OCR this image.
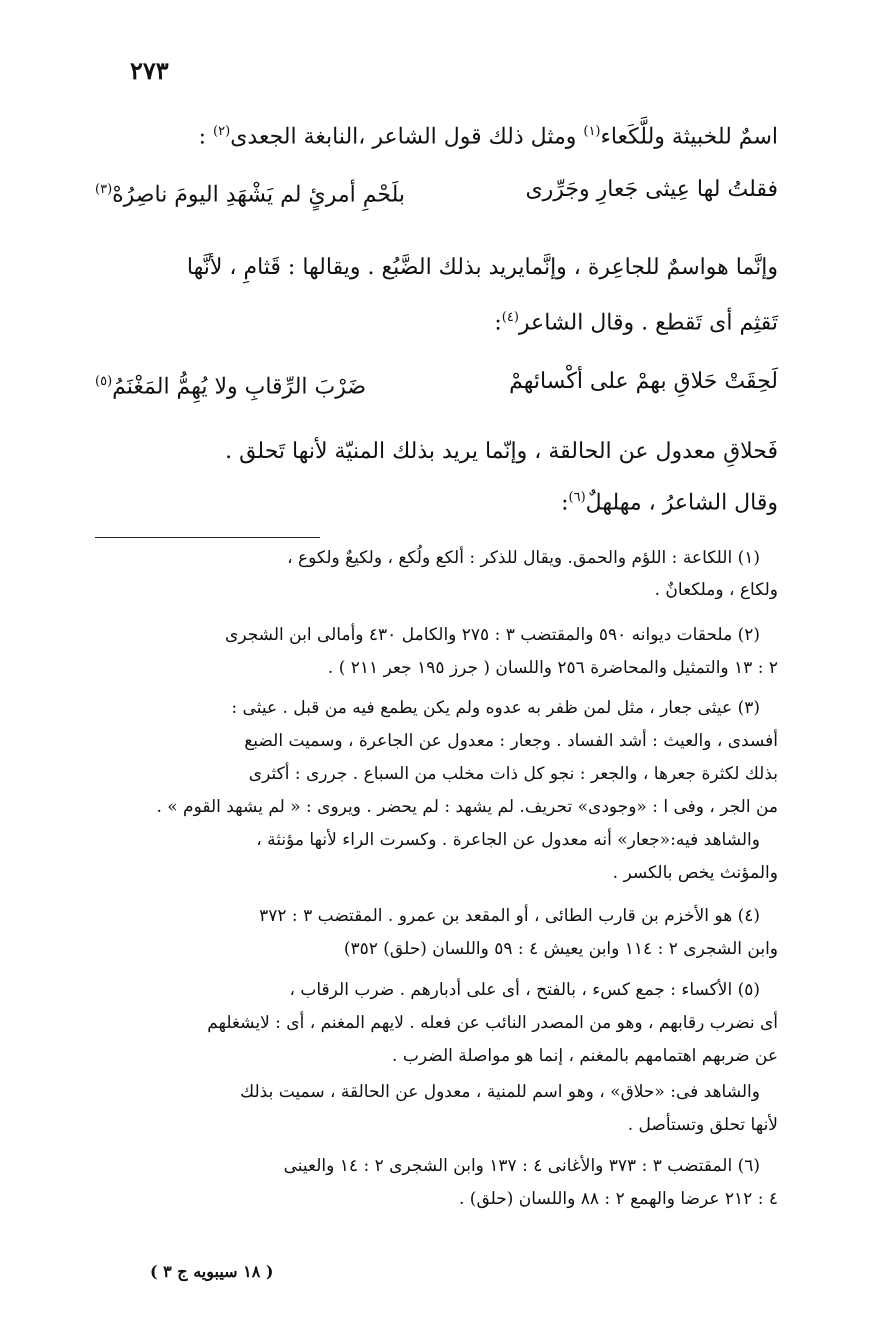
٢٧٣
اسمٌ للخبيثة وللَّكَعاء$^{(١)}$ ومثل ذلك قول الشاعر ،النابغة الجعدى$^{(٢)}$ :
فقلتُ لها عِيثى جَعارِ وجَرِّرى
بلَحْمِ أمرئٍ لم يَشْهَدِ اليومَ ناصِرُهْ$^{(٣)}$
وإنَّما هواسمٌ للجاعِرة ، وإنَّمايريد بذلك الضَّبُع . ويقالها : قَثامِ ، لأنَّها
تَقثِم أى تَقطع . وقال الشاعر$^{(٤)}$:
لَحِقَتْ حَلاقِ بهمْ على أكْسائهمْ
ضَرْبَ الرِّقابِ ولا يُهِمُّ المَغْنَمُ$^{(٥)}$
فَحلاقِ معدول عن الحالقة ، وإنّما يريد بذلك المنيّة لأنها تَحلق .
وقال الشاعرُ ، مهلهلٌ$^{(٦)}$:
(١) اللكاعة : اللؤم والحمق. ويقال للذكر : ألكع ولُكع ، ولكيعٌ ولكوع ،
ولكاع ، وملكعانٌ .
(٢) ملحقات ديوانه ٥٩٠ والمقتضب ٣ : ٢٧٥ والكامل ٤٣٠ وأمالى ابن الشجرى
٢ : ١٣ والتمثيل والمحاضرة ٢٥٦ واللسان ( جرز ١٩٥ جعر ٢١١ ) .
(٣) عيثى جعار ، مثل لمن ظفر به عدوه ولم يكن يطمع فيه من قبل . عيثى :
أفسدى ، والعيث : أشد الفساد . وجعار : معدول عن الجاعرة ، وسميت الضبع
بذلك لكثرة جعرها ، والجعر : نجو كل ذات مخلب من السباع . جررى : أكثرى
من الجر ، وفى ا : «وجودى» تحريف. لم يشهد : لم يحضر . ويروى : « لم يشهد القوم » .
والشاهد فيه:«جعار» أنه معدول عن الجاعرة . وكسرت الراء لأنها مؤنثة ،
والمؤنث يخص بالكسر .
(٤) هو الأخزم بن قارب الطائى ، أو المقعد بن عمرو . المقتضب ٣ : ٣٧٢
وابن الشجرى ٢ : ١١٤ وابن يعيش ٤ : ٥٩ واللسان (حلق) ٣٥٢)
(٥) الأكساء : جمع كسء ، بالفتح ، أى على أدبارهم . ضرب الرقاب ،
أى نضرب رقابهم ، وهو من المصدر النائب عن فعله . لايهم المغنم ، أى : لايشغلهم
عن ضربهم اهتمامهم بالمغنم ، إنما هو مواصلة الضرب .
والشاهد فى: «حلاق» ، وهو اسم للمنية ، معدول عن الحالقة ، سميت بذلك
لأنها تحلق وتستأصل .
(٦) المقتضب ٣ : ٣٧٣ والأغانى ٤ : ١٣٧ وابن الشجرى ٢ : ١٤ والعينى
٤ : ٢١٢ عرضا والهمع ٢ : ٨٨ واللسان (حلق) .
( ١٨ سيبويه ج ٣ )
